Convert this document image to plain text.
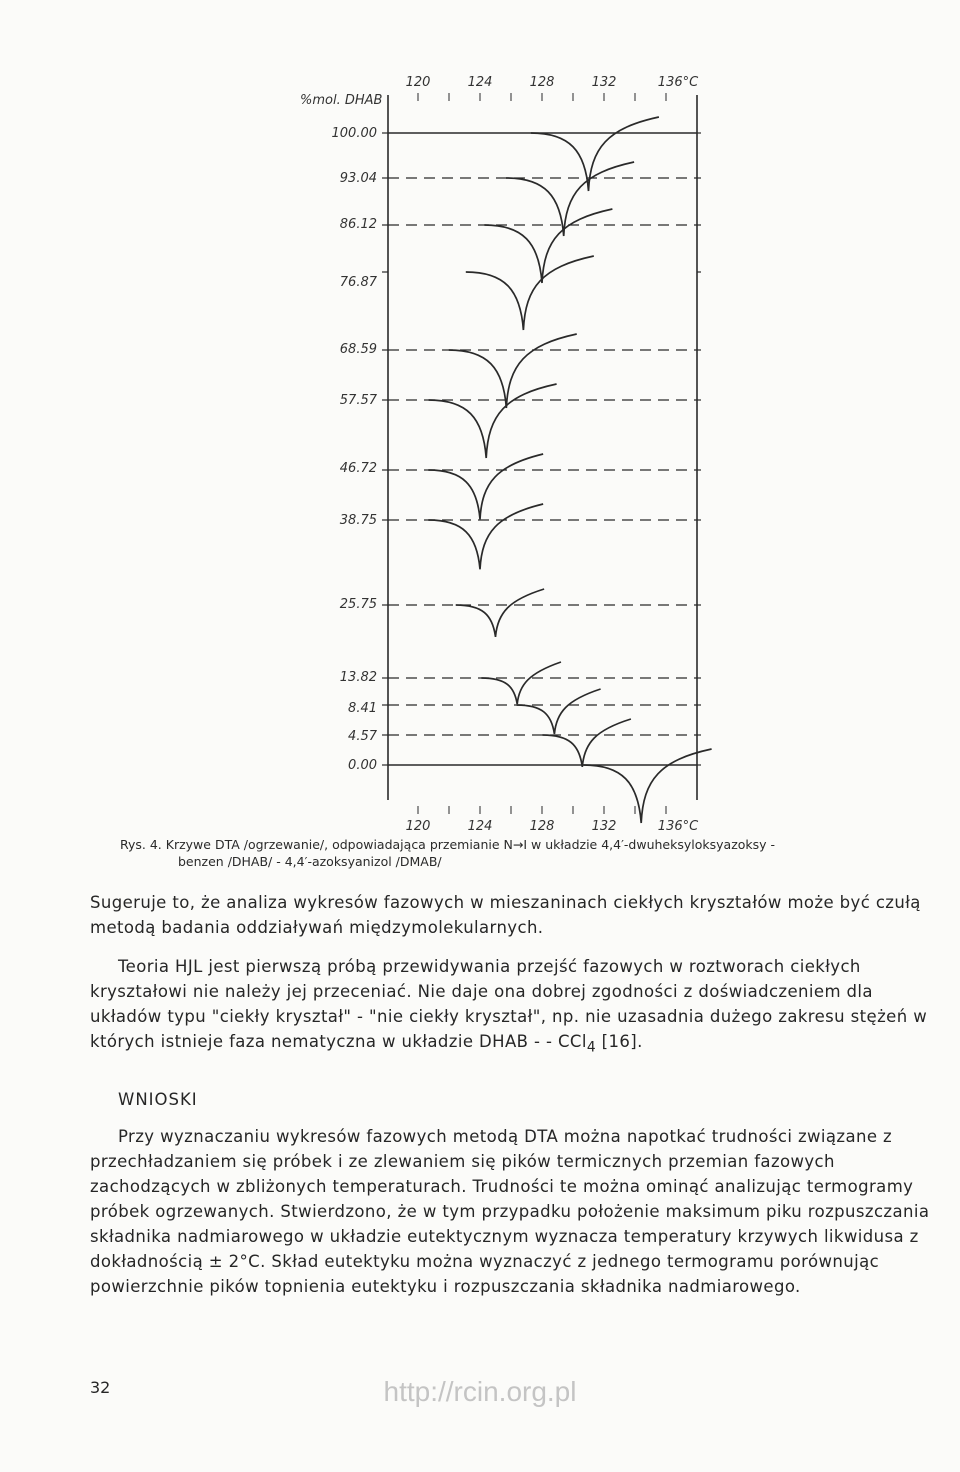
%mol. DHAB
120	124	128	132	136°C
120	124	128	132	136°C
100.00
93.04
86.12
76.87
68.59
57.57
46.72
38.75
25.75
13.82
8.41
4.57
0.00
Rys. 4. Krzywe DTA /ogrzewanie/, odpowiadająca przemianie N→I w układzie 4,4′-dwuheksyloksyazoksy -
benzen /DHAB/ - 4,4′-azoksyanizol /DMAB/

Sugeruje to, że analiza wykresów fazowych w mieszaninach ciekłych kryształów może być czułą metodą badania oddziaływań międzymolekularnych.

Teoria HJL jest pierwszą próbą przewidywania przejść fazowych w roztworach ciekłych kryształowi nie należy jej przeceniać. Nie daje ona dobrej zgodności z doświadczeniem dla układów typu "ciekły kryształ" - "nie ciekły kryształ", np. nie uzasadnia dużego zakresu stężeń w których istnieje faza nematyczna w układzie DHAB - - CCl$_4$ [16].

WNIOSKI

Przy wyznaczaniu wykresów fazowych metodą DTA można napotkać trudności związane z przechładzaniem się próbek i ze zlewaniem się pików termicznych przemian fazowych zachodzących w zbliżonych temperaturach. Trudności te można ominąć analizując termogramy próbek ogrzewanych. Stwierdzono, że w tym przypadku położenie maksimum piku rozpuszczania składnika nadmiarowego w układzie eutektycznym wyznacza temperatury krzywych likwidusa z dokładnością ± 2°C. Skład eutektyku można wyznaczyć z jednego termogramu porównując powierzchnie pików topnienia eutektyku i rozpuszczania składnika nadmiarowego.

32	http://rcin.org.pl
